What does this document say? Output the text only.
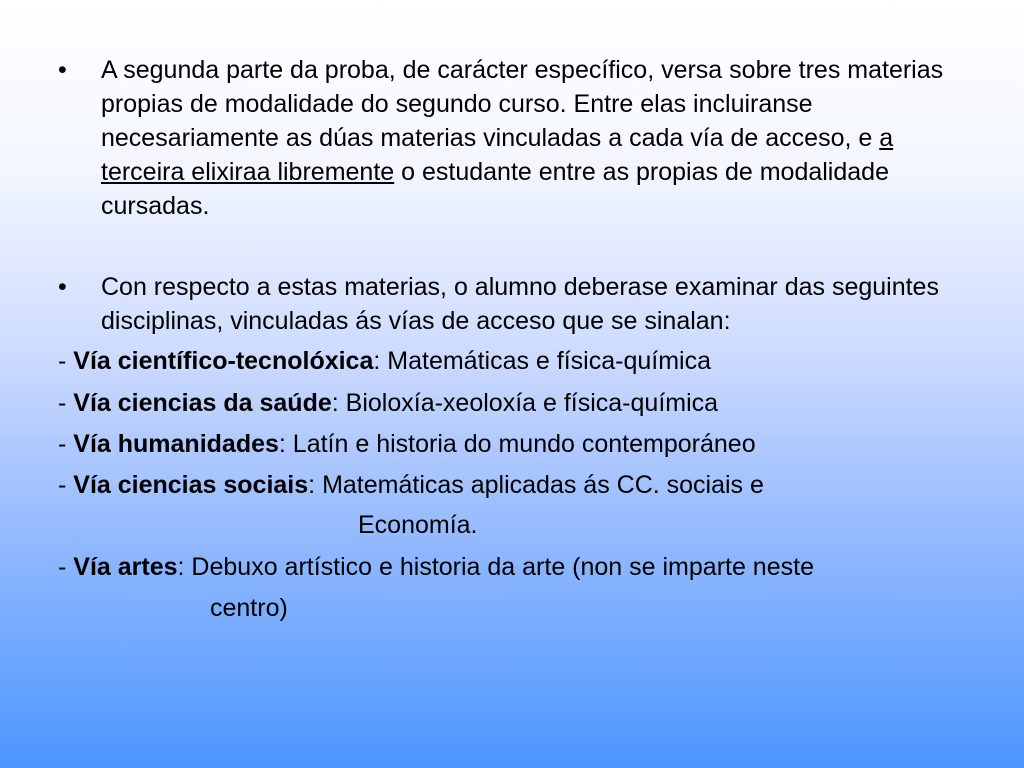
•	A segunda parte da proba, de carácter específico, versa sobre tres materias propias de modalidade do segundo curso. Entre elas incluiranse necesariamente as dúas materias vinculadas a cada vía de acceso, e a terceira elixiraa libremente o estudante entre as propias de modalidade cursadas.
•	Con respecto a estas materias, o alumno deberase examinar das seguintes disciplinas, vinculadas ás vías de acceso que se sinalan:
- Vía científico-tecnolóxica: Matemáticas e física-química
- Vía ciencias da saúde: Bioloxía-xeoloxía e física-química
- Vía humanidades: Latín e historia do mundo contemporáneo
- Vía ciencias sociais: Matemáticas aplicadas ás CC. sociais e
Economía.
- Vía artes: Debuxo artístico e historia da arte (non se imparte neste
centro)
